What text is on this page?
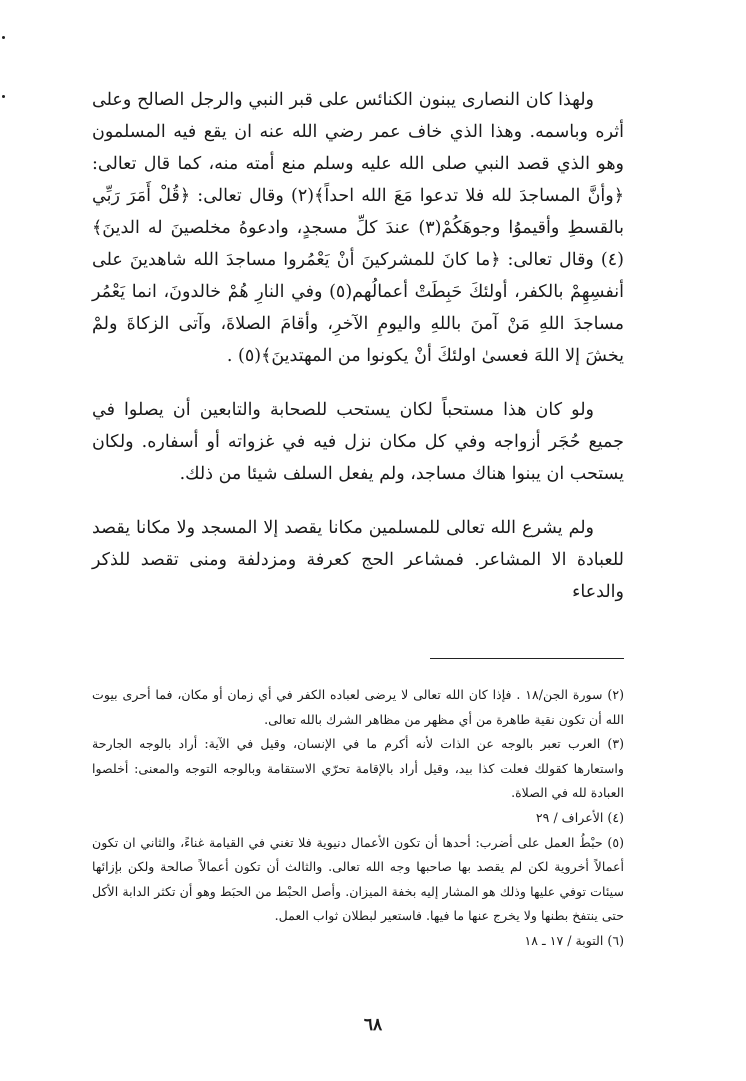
ولهذا كان النصارى يبنون الكنائس على قبر النبي والرجل الصالح وعلى أثره وباسمه. وهذا الذي خاف عمر رضي الله عنه ان يقع فيه المسلمون وهو الذي قصد النبي صلى الله عليه وسلم منع أمته منه، كما قال تعالى:﴿وأنَّ المساجدَ لله فلا تدعوا مَعَ الله احداً﴾(٢) وقال تعالى: ﴿قُلْ أَمَرَ رَبِّي بالقسطِ وأقيموُا وجوهَكُمْ(٣) عندَ كلِّ مسجدٍ، وادعوهُ مخلصينَ له الدينَ﴾(٤) وقال تعالى: ﴿ما كانَ للمشركينَ أنْ يَعْمُروا مساجدَ الله شاهدينَ على أنفسِهِمْ بالكفر، أولئكَ حَبِطَتْ أعمالُهم(٥) وفي النارِ هُمْ خالدونَ، انما يَعْمُر مساجدَ اللهِ مَنْ آمنَ باللهِ واليومِ الآخرِ، وأقامَ الصلاةَ، وآتى الزكاةَ ولمْ يخشَ إلا اللهَ فعسىٰ اولئكَ أنْ يكونوا من المهتدينَ﴾(٥) .

ولو كان هذا مستحباً لكان يستحب للصحابة والتابعين أن يصلوا في جميع حُجَر أزواجه وفي كل مكان نزل فيه في غزواته أو أسفاره. ولكان يستحب ان يبنوا هناك مساجد، ولم يفعل السلف شيئا من ذلك.

ولم يشرع الله تعالى للمسلمين مكانا يقصد إلا المسجد ولا مكانا يقصد للعبادة الا المشاعر. فمشاعر الحج كعرفة ومزدلفة ومنى تقصد للذكر والدعاء

(٢) سورة الجن/١٨ . فإذا كان الله تعالى لا يرضى لعباده الكفر في أي زمان أو مكان، فما أحرى بيوت الله أن تكون نقية طاهرة من أي مظهر من مظاهر الشرك بالله تعالى.

(٣) العرب تعبر بالوجه عن الذات لأنه أكرم ما في الإنسان، وقيل في الآية: أراد بالوجه الجارحة واستعارها كقولك فعلت كذا بيد، وقيل أراد بالإقامة تحرّي الاستقامة وبالوجه التوجه والمعنى: أخلصوا العبادة لله في الصلاة.

(٤) الأعراف / ٢٩

(٥) حبْطُ العمل على أضرب: أحدها أن تكون الأعمال دنيوية فلا تغني في القيامة غناءً، والثاني ان تكون أعمالاً أخروية لكن لم يقصد بها صاحبها وجه الله تعالى. والثالث أن تكون أعمالاً صالحة ولكن بإزائها سيئات توفي عليها وذلك هو المشار إليه بخفة الميزان. وأصل الحبْط من الحبَط وهو أن تكثر الدابة الأكل حتى ينتفخ بطنها ولا يخرج عنها ما فيها. فاستعير لبطلان ثواب العمل.

(٦) التوبة / ١٧ ـ ١٨

٦٨
